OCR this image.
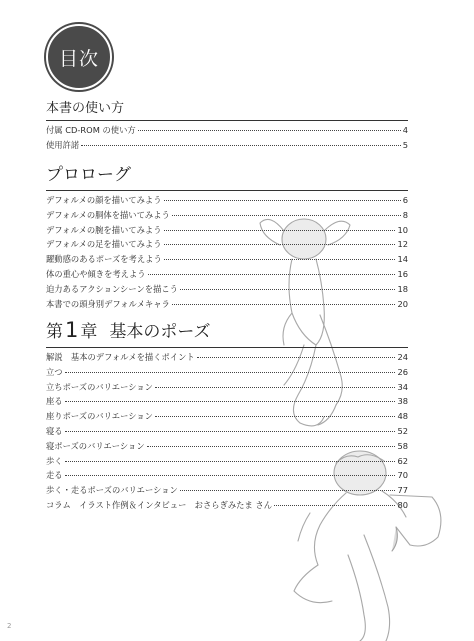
目次
本書の使い方
付属 CD-ROM の使い方	4
使用許諾	5
プロローグ
デフォルメの顔を描いてみよう	6
デフォルメの胴体を描いてみよう	8
デフォルメの腕を描いてみよう	10
デフォルメの足を描いてみよう	12
躍動感のあるポーズを考えよう	14
体の重心や傾きを考えよう	16
迫力あるアクションシーンを描こう	18
本書での頭身別デフォルメキャラ	20
第1 章 基本のポーズ
解説　基本のデフォルメを描くポイント	24
立つ	26
立ちポーズのバリエーション	34
座る	38
座りポーズのバリエーション	48
寝る	52
寝ポーズのバリエーション	58
歩く	62
走る	70
歩く・走るポーズのバリエーション	77
コラム　イラスト作例＆インタビュー　おさらぎみたま さん	80
2
